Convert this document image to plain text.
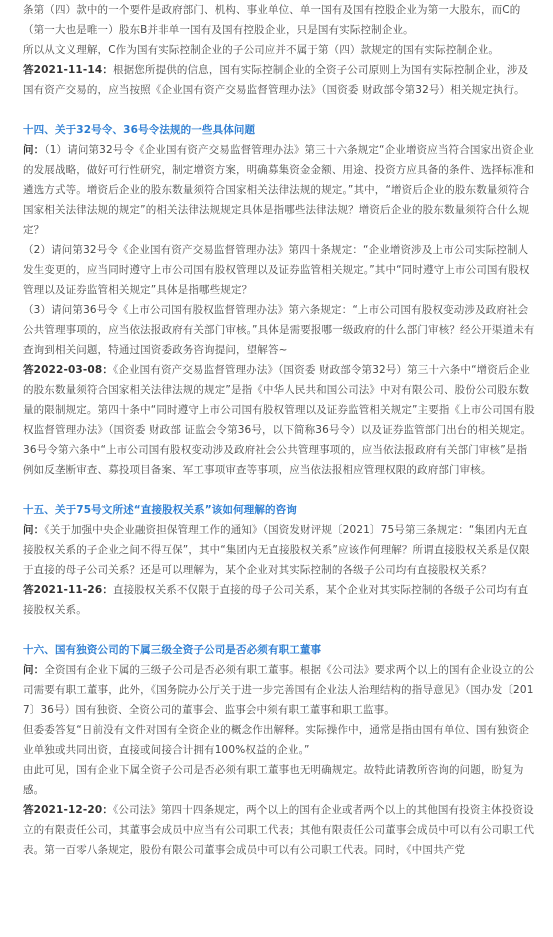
条第（四）款中的一个要件是政府部门、机构、事业单位、单一国有及国有控股企业为第一大股东，而C的（第一大也是唯一）股东B并非单一国有及国有控股企业，只是国有实际控制企业。

所以从文义理解，C作为国有实际控制企业的子公司应并不属于第（四）款规定的国有实际控制企业。

答2021-11-14：根据您所提供的信息，国有实际控制企业的全资子公司原则上为国有实际控制企业，涉及国有资产交易的，应当按照《企业国有资产交易监督管理办法》（国资委 财政部令第32号）相关规定执行。

十四、关于32号令、36号令法规的一些具体问题

问：（1）请问第32号令《企业国有资产交易监督管理办法》第三十六条规定“企业增资应当符合国家出资企业的发展战略，做好可行性研究，制定增资方案，明确募集资金金额、用途、投资方应具备的条件、选择标准和遴选方式等。增资后企业的股东数量须符合国家相关法律法规的规定。”其中，“增资后企业的股东数量须符合国家相关法律法规的规定”的相关法律法规规定具体是指哪些法律法规？增资后企业的股东数量须符合什么规定？

（2）请问第32号令《企业国有资产交易监督管理办法》第四十条规定：“企业增资涉及上市公司实际控制人发生变更的，应当同时遵守上市公司国有股权管理以及证券监管相关规定。”其中“同时遵守上市公司国有股权管理以及证券监管相关规定”具体是指哪些规定？

（3）请问第36号令《上市公司国有股权监督管理办法》第六条规定：“上市公司国有股权变动涉及政府社会公共管理事项的，应当依法报政府有关部门审核。”具体是需要报哪一级政府的什么部门审核？经公开渠道未有查询到相关问题，特通过国资委政务咨询提问，望解答~

答2022-03-08：《企业国有资产交易监督管理办法》（国资委 财政部令第32号）第三十六条中“增资后企业的股东数量须符合国家相关法律法规的规定”是指《中华人民共和国公司法》中对有限公司、股份公司股东数量的限制规定。第四十条中“同时遵守上市公司国有股权管理以及证券监管相关规定”主要指《上市公司国有股权监督管理办法》（国资委 财政部 证监会令第36号，以下简称36号令）以及证券监管部门出台的相关规定。

36号令第六条中“上市公司国有股权变动涉及政府社会公共管理事项的，应当依法报政府有关部门审核”是指例如反垄断审查、募投项目备案、军工事项审查等事项，应当依法报相应管理权限的政府部门审核。

十五、关于75号文所述“直接股权关系”该如何理解的咨询

问：《关于加强中央企业融资担保管理工作的通知》（国资发财评规〔2021〕75号第三条规定：“集团内无直接股权关系的子企业之间不得互保”，其中“集团内无直接股权关系”应该作何理解？所谓直接股权关系是仅限于直接的母子公司关系？还是可以理解为，某个企业对其实际控制的各级子公司均有直接股权关系？

答2021-11-26：直接股权关系不仅限于直接的母子公司关系，某个企业对其实际控制的各级子公司均有直接股权关系。

十六、国有独资公司的下属三级全资子公司是否必须有职工董事

问：全资国有企业下属的三级子公司是否必须有职工董事。根据《公司法》要求两个以上的国有企业设立的公司需要有职工董事，此外，《国务院办公厅关于进一步完善国有企业法人治理结构的指导意见》（国办发〔2017〕36号）国有独资、全资公司的董事会、监事会中须有职工董事和职工监事。

但委委答复“日前没有文件对国有全资企业的概念作出解释。实际操作中，通常是指由国有单位、国有独资企业单独或共同出资，直接或间接合计拥有100%权益的企业。”

由此可见，国有企业下属全资子公司是否必须有职工董事也无明确规定。故特此请教所咨询的问题，盼复为感。

答2021-12-20：《公司法》第四十四条规定，两个以上的国有企业或者两个以上的其他国有投资主体投资设立的有限责任公司，其董事会成员中应当有公司职工代表；其他有限责任公司董事会成员中可以有公司职工代表。第一百零八条规定，股份有限公司董事会成员中可以有公司职工代表。同时，《中国共产党
